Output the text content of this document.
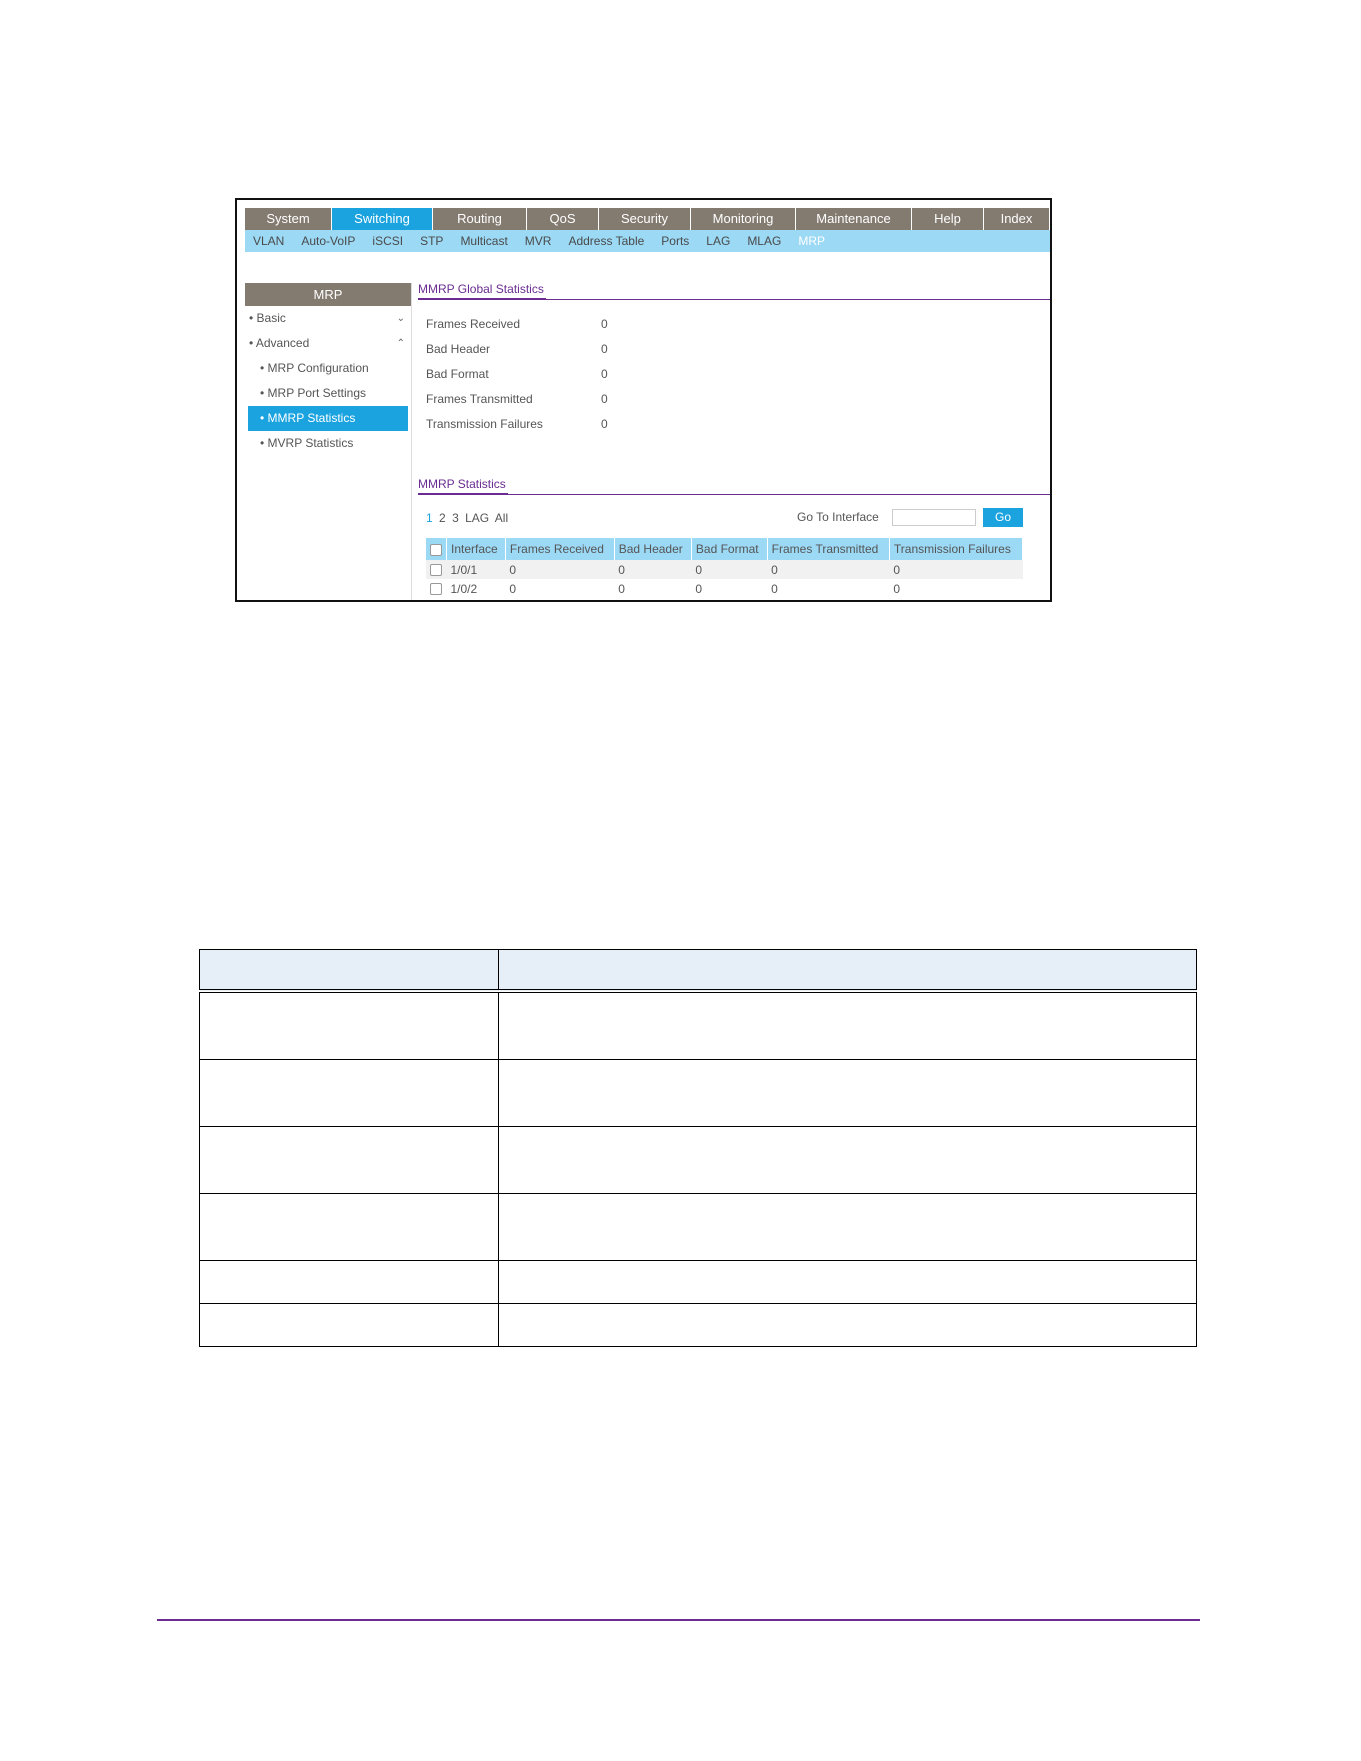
System	Switching	Routing	QoS	Security	Monitoring	Maintenance	Help	Index
VLAN Auto-VoIP iSCSI STP Multicast MVR Address Table Ports LAG MLAG MRP
MRP
• Basic	⌄
• Advanced	⌃
• MRP Configuration
• MRP Port Settings
• MMRP Statistics
• MVRP Statistics
MMRP Global Statistics
Frames Received	0
Bad Header	0
Bad Format	0
Frames Transmitted	0
Transmission Failures	0
MMRP Statistics
1 2 3 LAG All	Go To Interface	Go
	Interface	Frames Received	Bad Header	Bad Format	Frames Transmitted	Transmission Failures
	1/0/1	0	0	0	0	0
	1/0/2	0	0	0	0	0
